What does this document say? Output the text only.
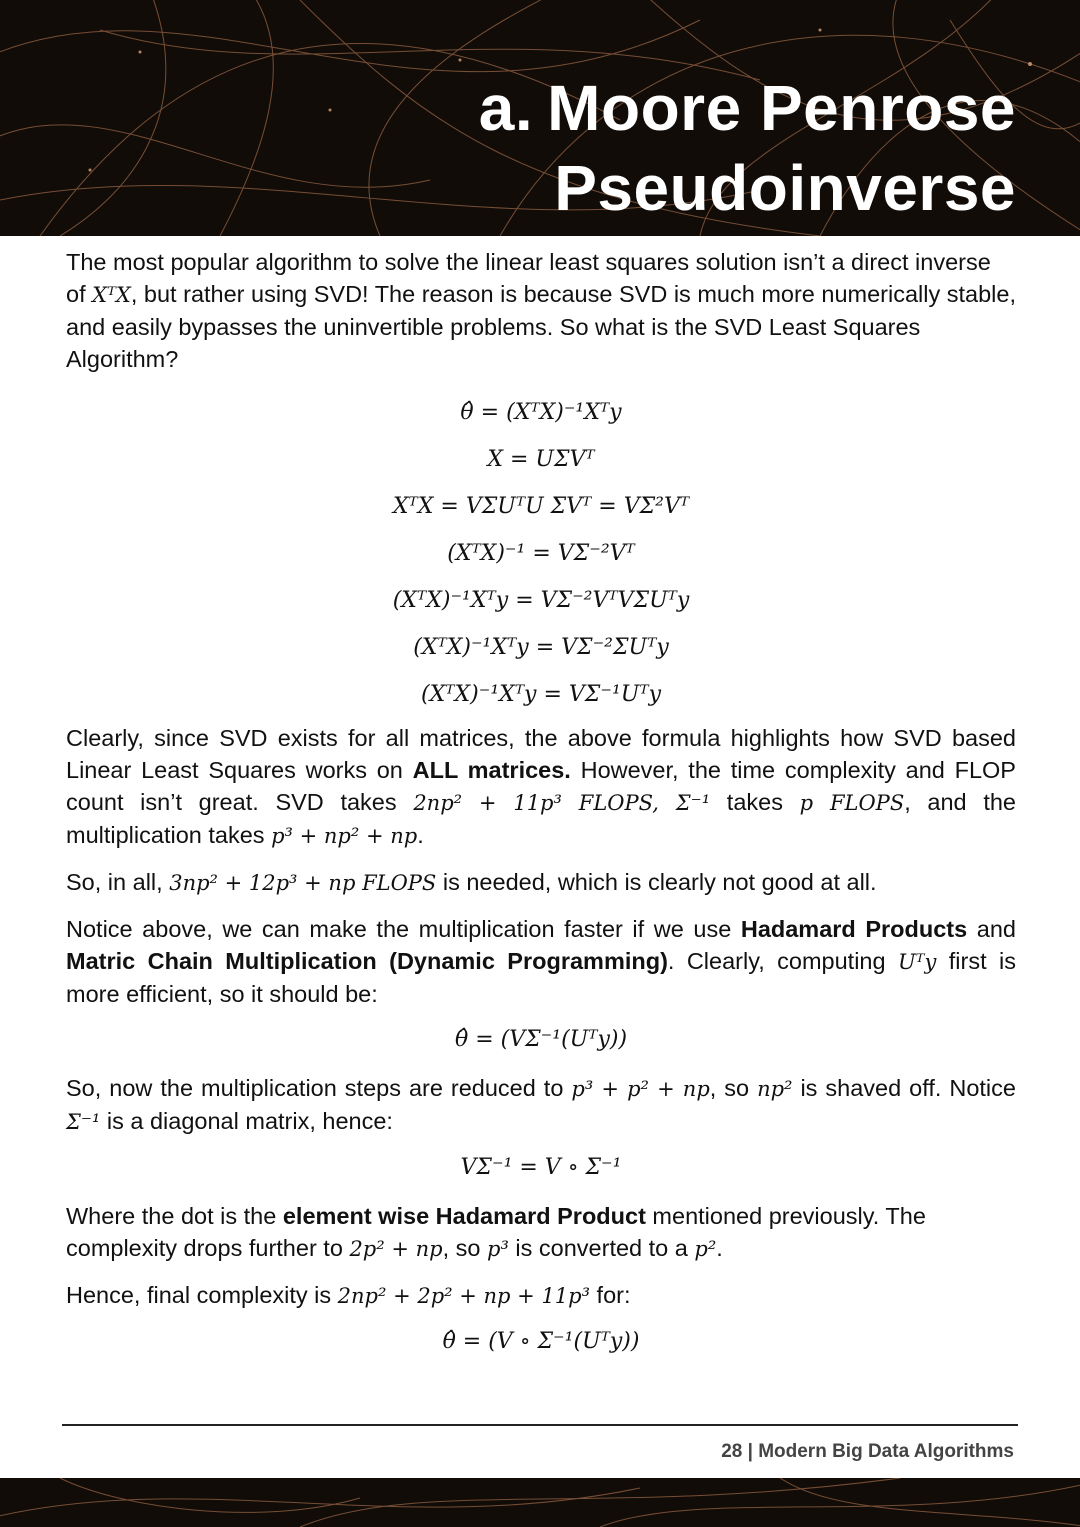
a. Moore Penrose
Pseudoinverse

The most popular algorithm to solve the linear least squares solution isn’t a direct inverse of XᵀX, but rather using SVD! The reason is because SVD is much more numerically stable, and easily bypasses the uninvertible problems. So what is the SVD Least Squares Algorithm?

θ̂ = (XᵀX)⁻¹Xᵀy
X = UΣVᵀ
XᵀX = VΣUᵀU ΣVᵀ = VΣ²Vᵀ
(XᵀX)⁻¹ = VΣ⁻²Vᵀ
(XᵀX)⁻¹Xᵀy = VΣ⁻²VᵀVΣUᵀy
(XᵀX)⁻¹Xᵀy = VΣ⁻²ΣUᵀy
(XᵀX)⁻¹Xᵀy = VΣ⁻¹Uᵀy

Clearly, since SVD exists for all matrices, the above formula highlights how SVD based Linear Least Squares works on ALL matrices. However, the time complexity and FLOP count isn’t great. SVD takes 2np² + 11p³ FLOPS, Σ⁻¹ takes p FLOPS, and the multiplication takes p³ + np² + np.

So, in all, 3np² + 12p³ + np FLOPS is needed, which is clearly not good at all.

Notice above, we can make the multiplication faster if we use Hadamard Products and Matric Chain Multiplication (Dynamic Programming). Clearly, computing Uᵀy first is more efficient, so it should be:

θ̂ = (VΣ⁻¹(Uᵀy))

So, now the multiplication steps are reduced to p³ + p² + np, so np² is shaved off. Notice Σ⁻¹ is a diagonal matrix, hence:

VΣ⁻¹ = V ∘ Σ⁻¹

Where the dot is the element wise Hadamard Product mentioned previously. The complexity drops further to 2p² + np, so p³ is converted to a p².

Hence, final complexity is 2np² + 2p² + np + 11p³ for:

θ̂ = (V ∘ Σ⁻¹(Uᵀy))
28 | Modern Big Data Algorithms
